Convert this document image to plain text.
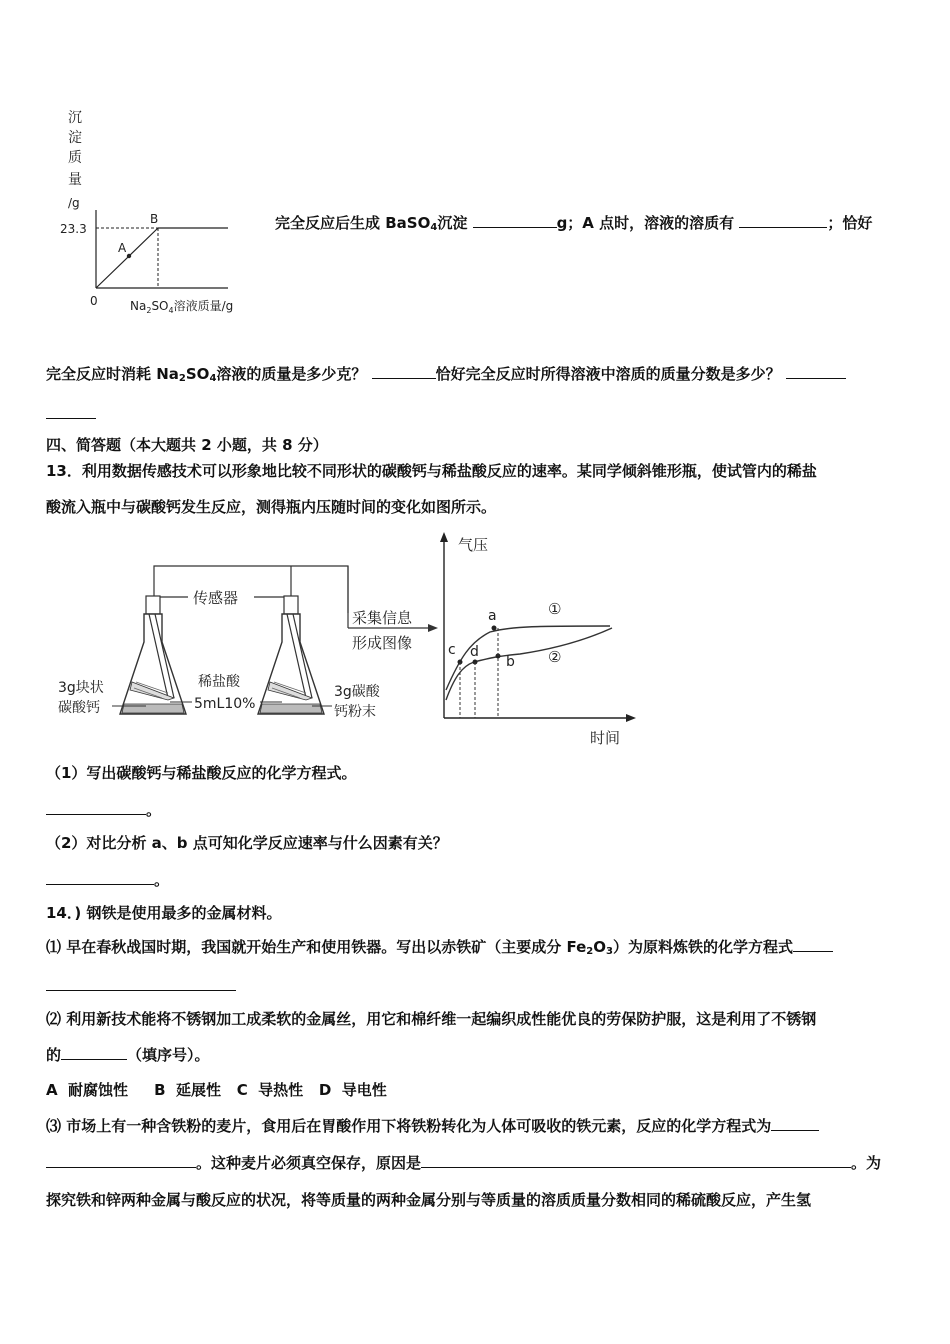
沉
淀
质
量
/g
23.3
0
A
B
$Na_2SO_4$溶液质量/g
完全反应后生成 BaSO$_4$沉淀	g；A 点时，溶液的溶质有	；恰好
完全反应时消耗 $Na_2SO_4$溶液的质量是多少克？	恰好完全反应时所得溶液中溶质的质量分数是多少？
四、简答题（本大题共 2 小题，共 8 分）
13．利用数据传感技术可以形象地比较不同形状的碳酸钙与稀盐酸反应的速率。某同学倾斜锥形瓶，使试管内的稀盐
酸流入瓶中与碳酸钙发生反应，测得瓶内压随时间的变化如图所示。
传感器
采集信息
形成图像
3g块状
碳酸钙
稀盐酸
5mL10%
3g碳酸
钙粉末
气压
时间
a
b
c d
①
②
（1）写出碳酸钙与稀盐酸反应的化学方程式。
。
（2）对比分析 a、b 点可知化学反应速率与什么因素有关？
。
14．) 钢铁是使用最多的金属材料。
⑴ 早在春秋战国时期，我国就开始生产和使用铁器。写出以赤铁矿（主要成分 $Fe_2O_3$）为原料炼铁的化学方程式
⑵ 利用新技术能将不锈钢加工成柔软的金属丝，用它和棉纤维一起编织成性能优良的劳保防护服，这是利用了不锈钢
的	（填序号）。
A  耐腐蚀性     B  延展性   C  导热性   D  导电性
⑶ 市场上有一种含铁粉的麦片，食用后在胃酸作用下将铁粉转化为人体可吸收的铁元素，反应的化学方程式为
。这种麦片必须真空保存，原因是	。为
探究铁和锌两种金属与酸反应的状况，将等质量的两种金属分别与等质量的溶质质量分数相同的稀硫酸反应，产生氢
